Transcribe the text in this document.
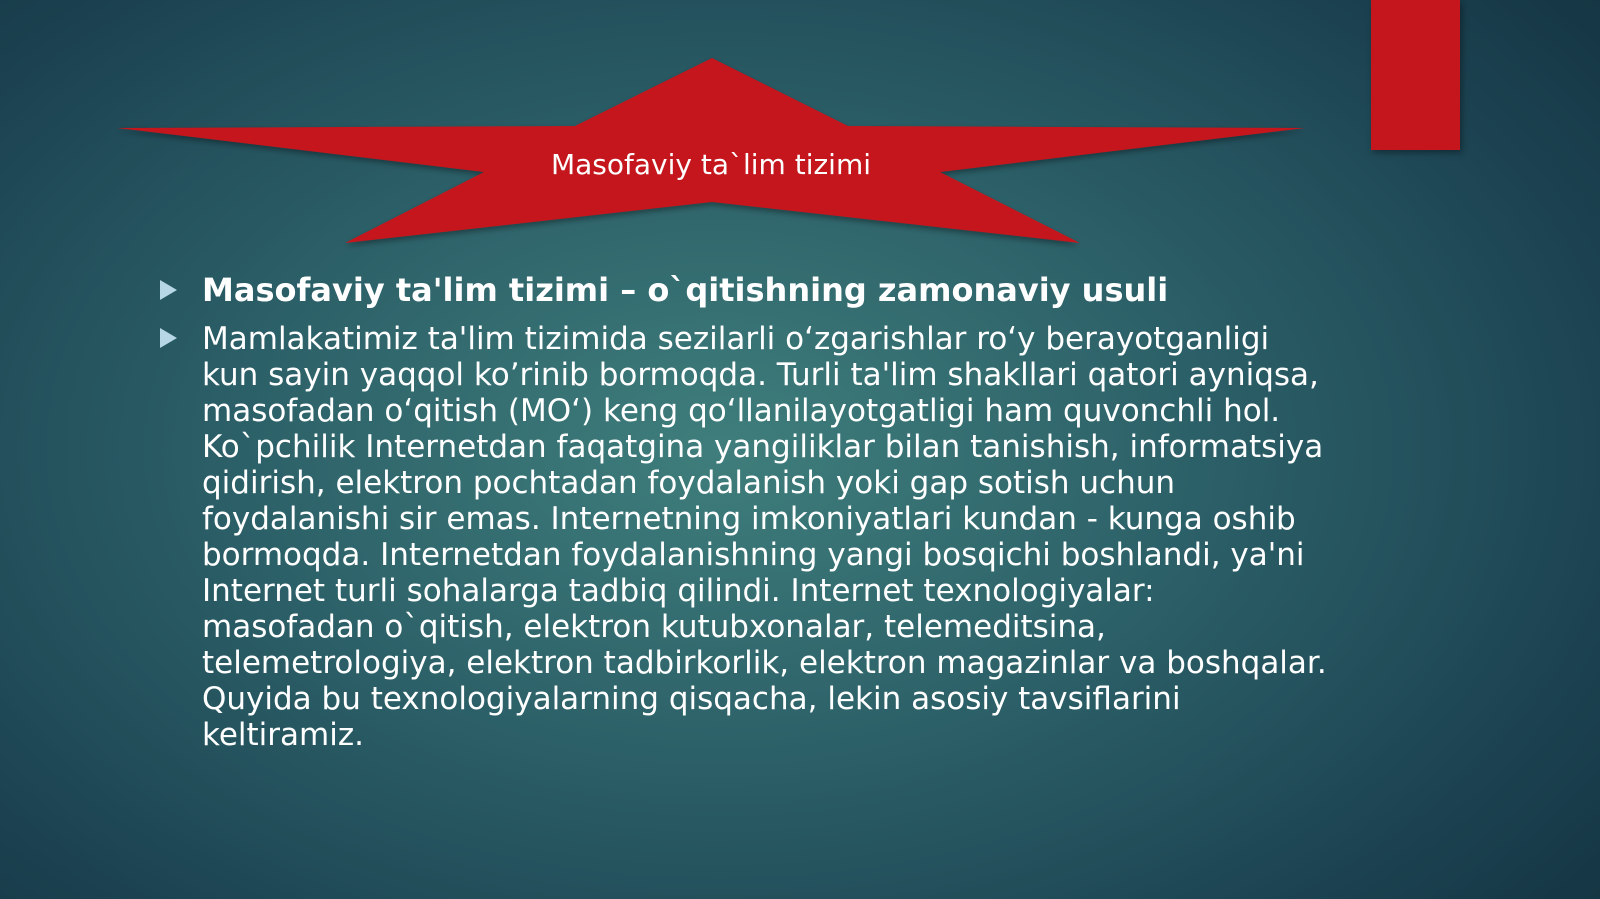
Masofaviy ta`lim tizimi
Masofaviy ta'lim tizimi – o`qitishning zamonaviy usuli
Mamlakatimiz ta'lim tizimida sezilarli oʻzgarishlar roʻy berayotganligi kun sayin yaqqol ko’rinib bormoqda. Turli ta'lim shakllari qatori ayniqsa, masofadan oʻqitish (MOʻ) keng qoʻllanilayotgatligi ham quvonchli hol.
Ko`pchilik Internetdan faqatgina yangiliklar bilan tanishish, informatsiya qidirish, elektron pochtadan foydalanish yoki gap sotish uchun foydalanishi sir emas. Internetning imkoniyatlari kundan - kunga oshib bormoqda. Internetdan foydalanishning yangi bosqichi boshlandi, ya'ni Internet turli sohalarga tadbiq qilindi. Internet texnologiyalar: masofadan o`qitish, elektron kutubxonalar, telemeditsina, telemetrologiya, elektron tadbirkorlik, elektron magazinlar va boshqalar. Quyida bu texnologiyalarning qisqacha, lekin asosiy tavsiflarini keltiramiz.
